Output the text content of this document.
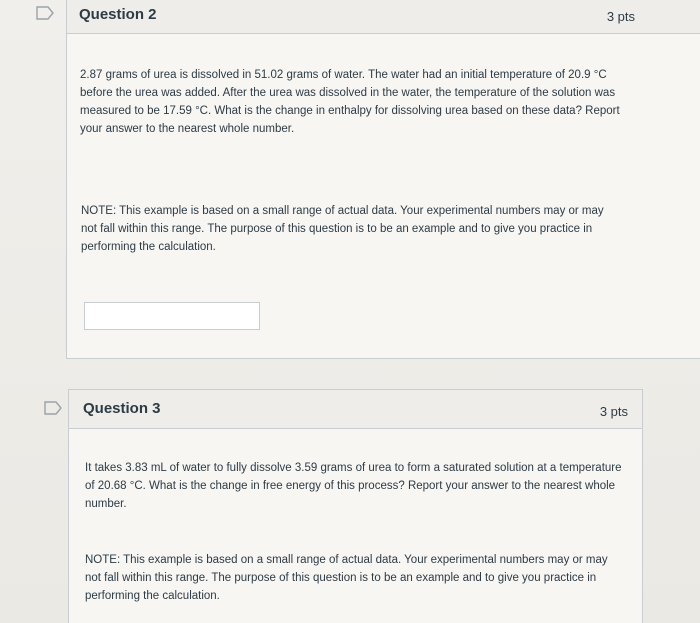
Question 2	3 pts
2.87 grams of urea is dissolved in 51.02 grams of water. The water had an initial temperature of 20.9 °C before the urea was added. After the urea was dissolved in the water, the temperature of the solution was measured to be 17.59 °C. What is the change in enthalpy for dissolving urea based on these data? Report your answer to the nearest whole number.
NOTE: This example is based on a small range of actual data. Your experimental numbers may or may not fall within this range. The purpose of this question is to be an example and to give you practice in performing the calculation.
Question 3	3 pts
It takes 3.83 mL of water to fully dissolve 3.59 grams of urea to form a saturated solution at a temperature of 20.68 °C. What is the change in free energy of this process? Report your answer to the nearest whole number.
NOTE: This example is based on a small range of actual data. Your experimental numbers may or may not fall within this range. The purpose of this question is to be an example and to give you practice in performing the calculation.
